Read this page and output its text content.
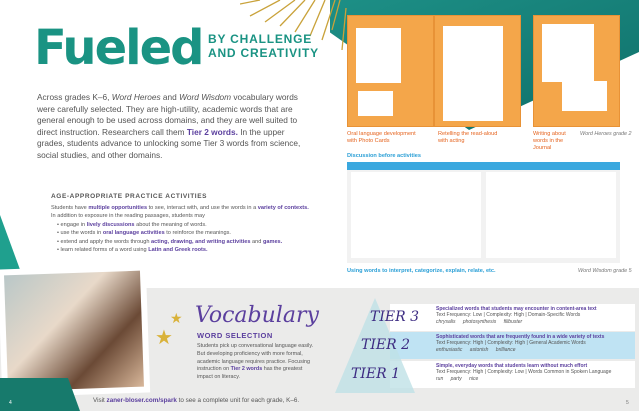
Fueled BY CHALLENGE
AND CREATIVITY

Across grades K–6, Word Heroes and Word Wisdom vocabulary words were carefully selected. They are high-utility, academic words that are general enough to be used across domains, and they are well suited to direct instruction. Researchers call them Tier 2 words. In the upper grades, students advance to unlocking some Tier 3 words from science, social studies, and other domains.

AGE-APPROPRIATE PRACTICE ACTIVITIES

Students have multiple opportunities to see, interact with, and use the words in a variety of contexts. In addition to exposure in the reading passages, students may

• engage in lively discussions about the meaning of words.
• use the words in oral language activities to reinforce the meanings.
• extend and apply the words through acting, drawing, and writing activities and games.
• learn related forms of a word using Latin and Greek roots.
Oral language development with Photo Cards
Retelling the read-aloud with acting
Writing about words in the Journal
Word Heroes grade 2
Discussion before activities
Using words to interpret, categorize, explain, relate, etc.	Word Wisdom grade 5
★
★
Vocabulary
WORD SELECTION

Students pick up conversational language easily. But developing proficiency with more formal, academic language requires practice. Focusing instruction on Tier 2 words has the greatest impact on literacy.

Specialized words that students may encounter in content-area text
Text Frequency: Low | Complexity: High | Domain-Specific Words
chrysalis photosynthesis filibuster
Sophisticated words that are frequently found in a wide variety of texts
Text Frequency: High | Complexity: High | General Academic Words
enthusiastic astonish brilliance
Simple, everyday words that students learn without much effort
Text Frequency: High | Complexity: Low | Words Common in Spoken Language
run party nice
TIER 3
TIER 2
TIER 1
Visit zaner-bloser.com/spark to see a complete unit for each grade, K–6.
4	5
